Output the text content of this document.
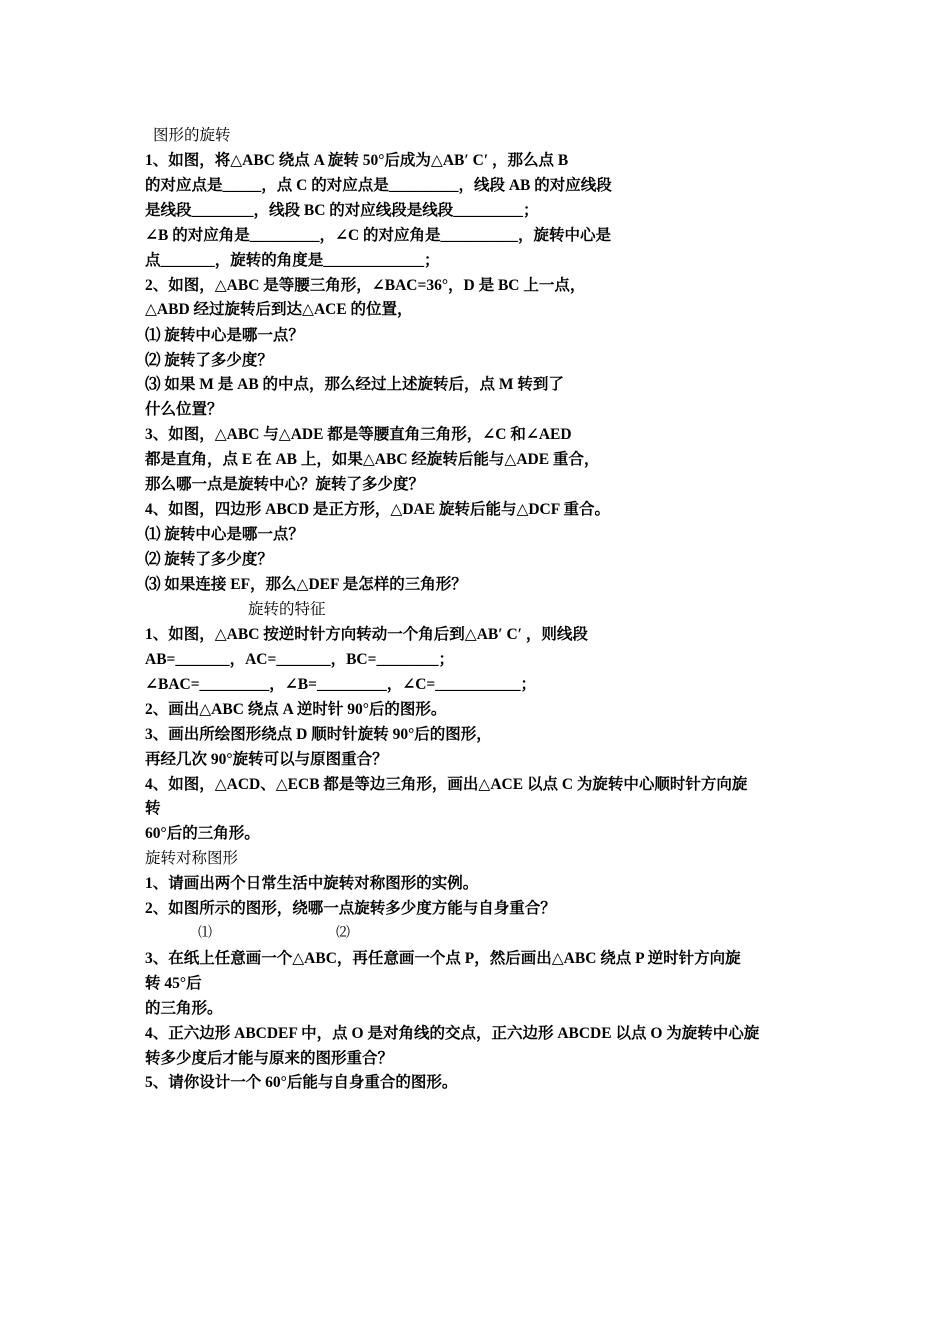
图形的旋转
1、如图，将△ABC 绕点 A 旋转 50°后成为△AB′ C′ ，那么点 B
的对应点是_____，点 C 的对应点是_________，线段 AB 的对应线段
是线段________，线段 BC 的对应线段是线段_________；
∠B 的对应角是_________，∠C 的对应角是__________，旋转中心是
点_______，旋转的角度是_____________；
2、如图，△ABC 是等腰三角形，∠BAC=36°，D 是 BC 上一点，
△ABD 经过旋转后到达△ACE 的位置，
⑴ 旋转中心是哪一点？
⑵ 旋转了多少度？
⑶ 如果 M 是 AB 的中点，那么经过上述旋转后，点 M 转到了
什么位置？
3、如图，△ABC 与△ADE 都是等腰直角三角形，∠C 和∠AED
都是直角，点 E 在 AB 上，如果△ABC 经旋转后能与△ADE 重合，
那么哪一点是旋转中心？旋转了多少度？
4、如图，四边形 ABCD 是正方形，△DAE 旋转后能与△DCF 重合。
⑴ 旋转中心是哪一点？
⑵ 旋转了多少度？
⑶ 如果连接 EF，那么△DEF 是怎样的三角形？
旋转的特征
1、如图，△ABC 按逆时针方向转动一个角后到△AB′ C′ ，则线段
AB=_______，AC=_______，BC=________；
∠BAC=_________，∠B=_________，∠C=___________；
2、画出△ABC 绕点 A 逆时针 90°后的图形。
3、画出所绘图形绕点 D 顺时针旋转 90°后的图形，
再经几次 90°旋转可以与原图重合？
4、如图，△ACD、△ECB 都是等边三角形，画出△ACE 以点 C 为旋转中心顺时针方向旋
转
60°后的三角形。
旋转对称图形
1、请画出两个日常生活中旋转对称图形的实例。
2、如图所示的图形，绕哪一点旋转多少度方能与自身重合？
⑴	⑵
3、在纸上任意画一个△ABC，再任意画一个点 P，然后画出△ABC 绕点 P 逆时针方向旋
转 45°后
的三角形。
4、正六边形 ABCDEF 中，点 O 是对角线的交点，正六边形 ABCDE 以点 O 为旋转中心旋
转多少度后才能与原来的图形重合？
5、请你设计一个 60°后能与自身重合的图形。
